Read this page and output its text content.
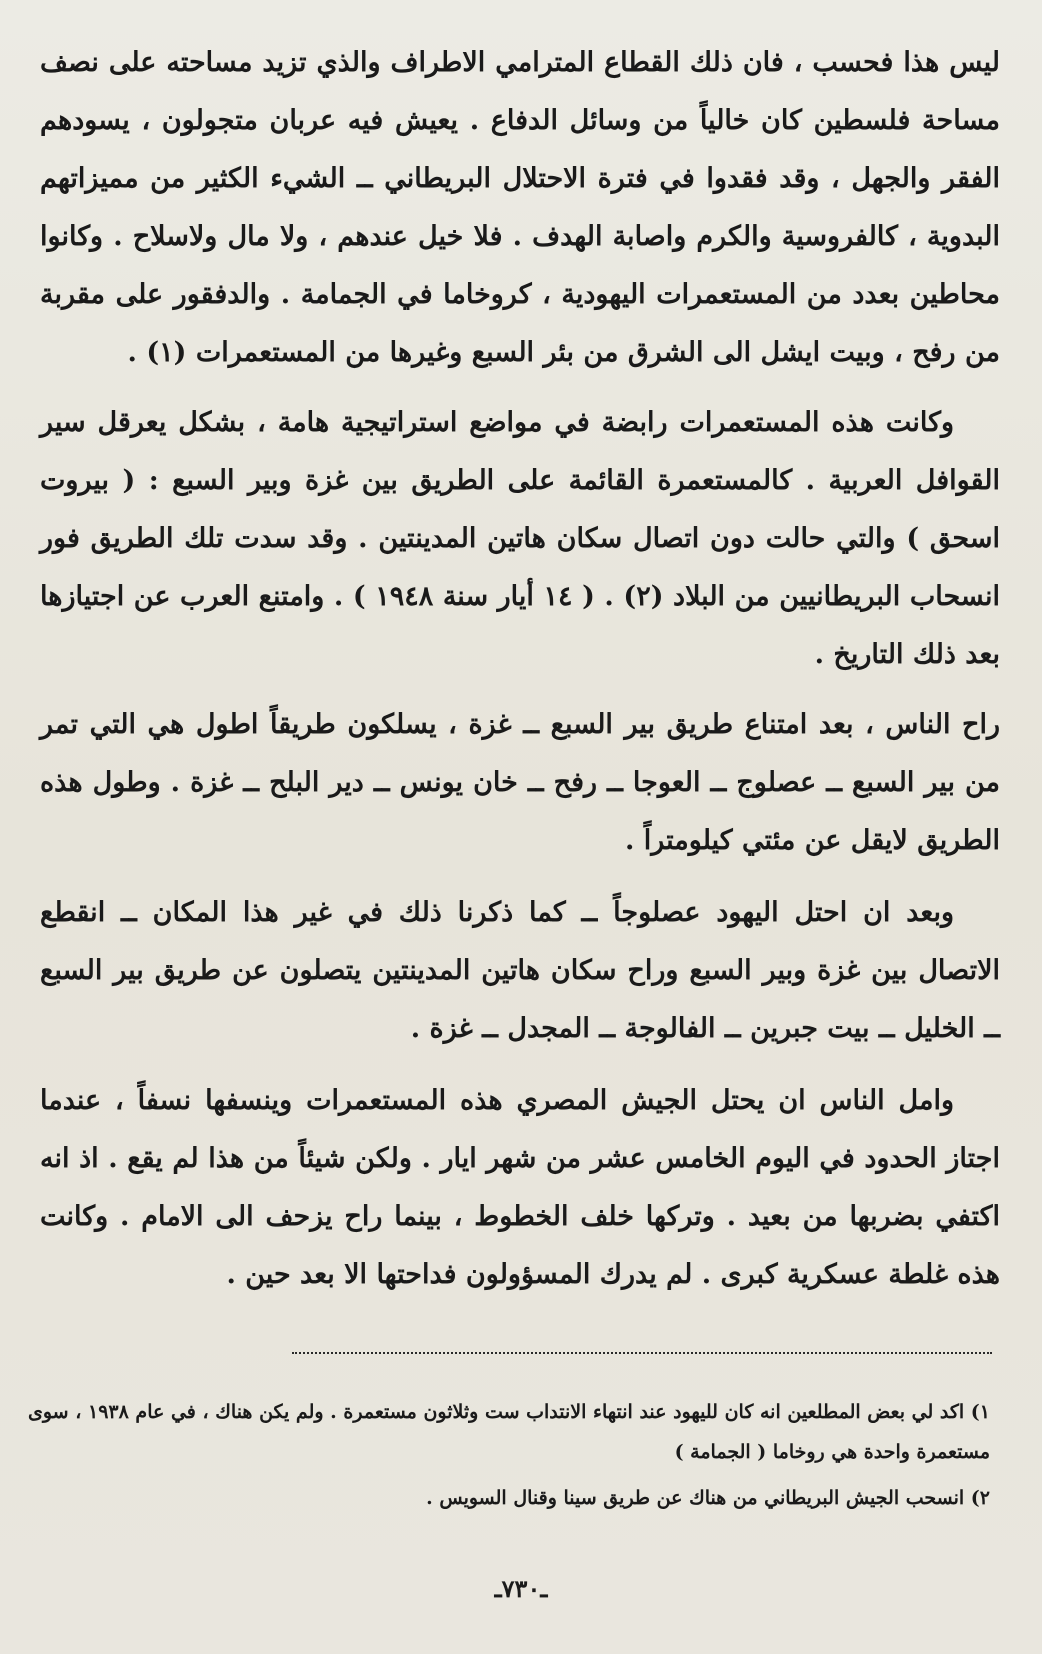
ليس هذا فحسب ، فان ذلك القطاع المترامي الاطراف والذي تزيد مساحته على نصف مساحة فلسطين كان خالياً من وسائل الدفاع . يعيش فيه عربان متجولون ، يسودهم الفقر والجهل ، وقد فقدوا في فترة الاحتلال البريطاني ــ الشيء الكثير من مميزاتهم البدوية ، كالفروسية والكرم واصابة الهدف . فلا خيل عندهم ، ولا مال ولاسلاح . وكانوا محاطين بعدد من المستعمرات اليهودية ، كروخاما في الجمامة . والدفقور على مقربة من رفح ، وبيت ايشل الى الشرق من بئر السبع وغيرها من المستعمرات (١) .

وكانت هذه المستعمرات رابضة في مواضع استراتيجية هامة ، بشكل يعرقل سير القوافل العربية . كالمستعمرة القائمة على الطريق بين غزة وبير السبع : ( بيروت اسحق ) والتي حالت دون اتصال سكان هاتين المدينتين . وقد سدت تلك الطريق فور انسحاب البريطانيين من البلاد (٢) . ( ١٤ أيار سنة ١٩٤٨ ) . وامتنع العرب عن اجتيازها بعد ذلك التاريخ .

راح الناس ، بعد امتناع طريق بير السبع ــ غزة ، يسلكون طريقاً اطول هي التي تمر من بير السبع ــ عصلوج ــ العوجا ــ رفح ــ خان يونس ــ دير البلح ــ غزة . وطول هذه الطريق لايقل عن مئتي كيلومتراً .

وبعد ان احتل اليهود عصلوجاً ــ كما ذكرنا ذلك في غير هذا المكان ــ انقطع الاتصال بين غزة وبير السبع وراح سكان هاتين المدينتين يتصلون عن طريق بير السبع ــ الخليل ــ بيت جبرين ــ الفالوجة ــ المجدل ــ غزة .

وامل الناس ان يحتل الجيش المصري هذه المستعمرات وينسفها نسفاً ، عندما اجتاز الحدود في اليوم الخامس عشر من شهر ايار . ولكن شيئاً من هذا لم يقع . اذ انه اكتفي بضربها من بعيد . وتركها خلف الخطوط ، بينما راح يزحف الى الامام . وكانت هذه غلطة عسكرية كبرى . لم يدرك المسؤولون فداحتها الا بعد حين .

١) اكد لي بعض المطلعين انه كان لليهود عند انتهاء الانتداب ست وثلاثون مستعمرة . ولم يكن هناك ، في عام ١٩٣٨ ، سوى مستعمرة واحدة هي روخاما ( الجمامة )

٢) انسحب الجيش البريطاني من هناك عن طريق سينا وقنال السويس .

ـ٧٣٠ـ
